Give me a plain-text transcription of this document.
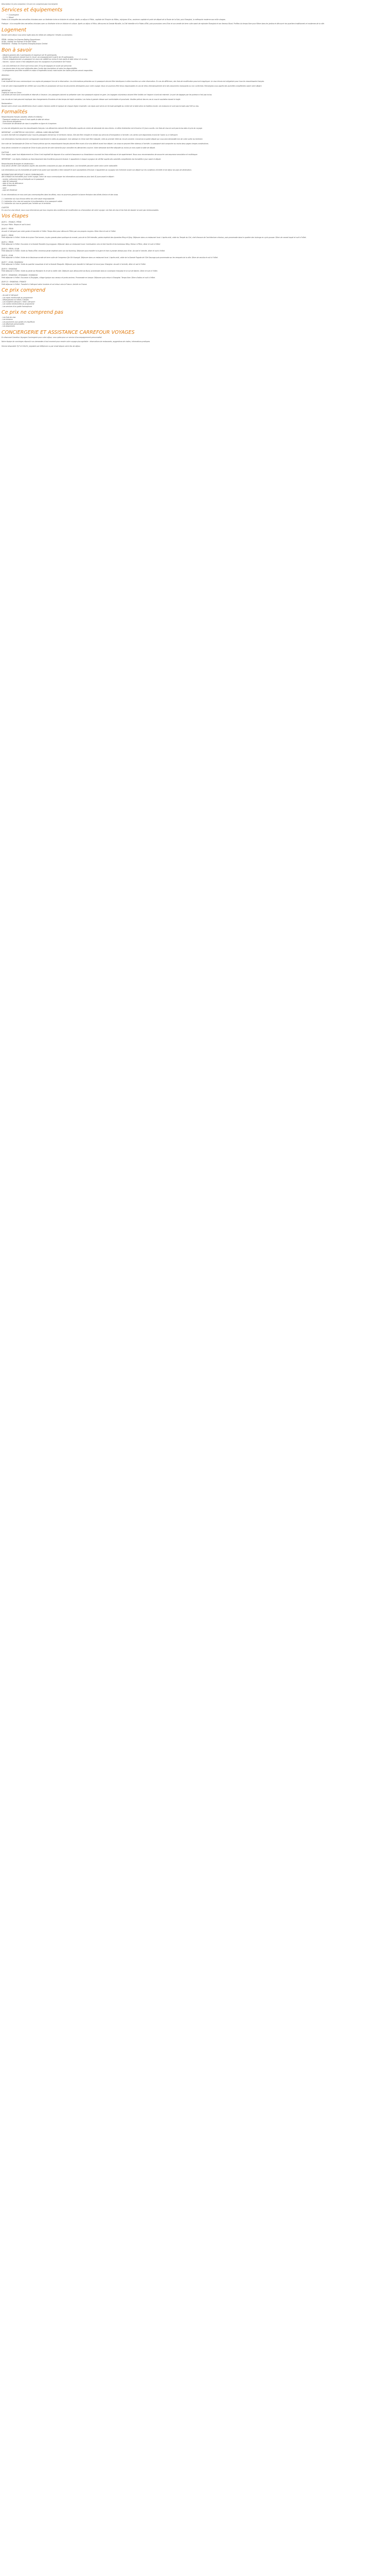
Description Ce prix comprend / Ce prix ne comprend pas Conciergerie

Services et équipements

•  Conciergerie

•  Réveil

Partez à la conquête des merveilles chinoises avec un itinéraire riche en histoire et culture. Après un séjour à Pékin, capitale de l'Empire du Milieu, rejoignez Xi'an, ancienne capitale et point de départ de la Route de la Soie, puis Shanghai, la métropole moderne aux mille visages.

Pratique : à la conquête des merveilles chinoises avec un itinéraire riche en histoire et culture. Après un séjour à Pékin, découvrez la Grande Muraille, la Cité Interdite et le Palais d'Été, puis poursuivez vers Xi'an et son armée de terre cuite avant de rejoindre Shanghai et son fameux Bund. Profitez du temps libre pour flâner dans les jardins et découvrir les quartiers traditionnels et modernes de la ville.

Logement

Durant votre séjour vous serez logés dans les hôtels de catégorie 3 étoiles ou similaires :

PÉKIN : Holiday Inn Express Beijing Dongzhimen
XI'AN : Holiday Inn Express Xi'an Bell Tower
SHANGHAI : Holiday Inn Express Shanghai Jinqiao Central

Bon à savoir

- Départs garantis dès 2 participants et maximum de 30 participants.
- Guides francophones durant tout le circuit, accompagnement à partir de 20 participants.
- Prévoir obligatoirement un passeport en cours de validité au moins 6 mois après la date retour et un visa.
- Vaccins : aucun vaccin n'est obligatoire pour les voyageurs en provenance de France.

- Les vols intérieurs en Chine sont inclus avec 20 kg de bagages en soute par personne.
- Les places dans le bus sont attribuées dans l'ordre des inscriptions et selon les disponibilités.
- Le programme peut être modifié en raison d'impératifs locaux mais toutes les visites prévues seront respectées.

Attention :

IMPORTANT :
Il est impératif de nous communiquer vos copies de passeport lors de la réservation. Les informations présentes sur le passeport doivent être identiques à celles inscrites sur votre réservation. En cas de différence, des frais de modification pourront s'appliquer. Le visa chinois est obligatoire pour tous les ressortissants français.

Il est de votre responsabilité de vérifier que vous êtes en possession de tous les documents nécessaires pour votre voyage. Nous ne pourrons être tenus responsables en cas de refus d'embarquement dû à des documents manquants ou non conformes. Renseignez-vous auprès des autorités compétentes avant votre départ.

IMPORTANT :
Trajets en train en Chine :
Les billets de train sont nominatifs et réservés à l'avance. Les passagers doivent se présenter avec leur passeport original en gare. Les bagages volumineux doivent être limités car l'espace à bord est restreint. Le port de bagages par les porteurs n'est pas inclus.

Les circuits en train peuvent impliquer des changements d'horaires et des temps de trajet variables. Les trains à grande vitesse sont confortables et ponctuels. Veuillez prévoir des en-cas si vous le souhaitez durant le trajet.

Restauration :
Durant votre circuit vous bénéficierez d'une cuisine chinoise variée et typique de chaque région traversée. Les repas sont servis en formule partagée au centre de la table selon la tradition locale. Les boissons ne sont pas incluses sauf thé ou eau.

Formalités

Ressortissants français (adultes, bébés et enfants) :
- Passeport valable au moins 6 mois après la date de retour.
- Visa chinois obligatoire.
- Formulaire de demande de visa à compléter en ligne et à imprimer.

Le visa est obligatoire pour les ressortissants français. Les démarches doivent être effectuées auprès du centre de demande de visa chinois. Le délai d'obtention est d'environ 10 jours ouvrés. Les frais de visa ne sont pas inclus dans le prix du voyage.

IMPORTANT : A COMPTER DU 16/12/2015 : ARRIVAL CARD OBLIGATOIRE
La carte d'arrivée est obligatoire pour tous les passagers entrant sur le territoire chinois. Elle doit être remplie et remise aux services d'immigration à l'arrivée. Les cartes sont disponibles à bord de l'avion ou à l'aéroport.

Les informations fournies doivent correspondre exactement à celles du passeport. Une adresse en Chine doit être indiquée, celle du premier hôtel du circuit convient. Conservez la partie départ qui vous sera demandée lors de votre sortie du territoire.

Une note de l'ambassade de Chine en France précise que les ressortissants français doivent être munis d'un visa délivré avant leur départ. Les visas ne peuvent être obtenus à l'arrivée. Le passeport doit comporter au moins deux pages vierges consécutives.

Vous devez contacter le consulat de Chine le plus proche de votre domicile pour connaître les démarches à suivre. Votre demande doit être déposée au moins un mois avant la date de départ.

FACTEUR
Pour rappel, avant tout déplacement en Chine il est impératif de disposer d'un contrat d'assurance ou d'assistance couvrant les frais médicaux et de rapatriement. Nous vous recommandons de souscrire une assurance annulation et multirisque.

IMPORTANT : Les règles relatives au franchissement des frontières peuvent évoluer. Il appartient à chaque voyageur de vérifier auprès des autorités compétentes les formalités à jour avant le départ.

Ressortissants étrangers et binationaux :
Vous devez vérifier votre situation auprès des autorités consulaires du pays de destination. Les formalités peuvent varier selon votre nationalité.

Les informations sur les formalités de santé et de police sont données à titre indicatif et sont susceptibles d'évoluer. Il appartient au voyageur de s'informer avant son départ sur les conditions d'entrée et de séjour du pays de destination.

INFORMATIONS IMPORTANT À NOUS COMMUNIQUER :
Afin d'établir les formalités pour votre voyage, merci de nous communiquer les informations suivantes au plus tard 45 jours avant le départ :
- nom(s), prénom(s) tels qu'indiqués sur le passeport
- date de naissance
- date et lieu de délivrance
- date d'expiration
- sexe
- pays de résidence

Si ces informations ne nous sont pas communiquées dans les délais, nous ne pourrons garantir la bonne émission des billets d'avion et des visas.

1. L'obtention du visa chinois relève de votre seule responsabilité.
2. L'obtention d'un visa est soumise à la présentation d'un passeport valide.
3. L'obtention du visa ne garantit pas l'entrée sur le territoire.

À NOTER
En cas d'un visa refusé, nous vous informerons par tous moyens des conditions de modification ou d'annulation de votre voyage. Les frais de visa et les frais de dossier ne sont pas remboursables.

Vos étapes

JOUR 1 : FRANCE / PÉKIN

Vol pour Pékin. Repas et nuit à bord.

JOUR 2 : PÉKIN

Accueil à l'aéroport par votre guide et transfert à l'hôtel. Temps libre pour découvrir Pékin par vos propres moyens. Dîner libre et nuit à l'hôtel.

JOUR 3 : PÉKIN

Petit déjeuner à l'hôtel. Visite de la place Tian'anmen, la plus grande place publique du monde, puis de la Cité Interdite, palais impérial des dynasties Ming et Qing. Déjeuner dans un restaurant local. L'après-midi, visite du Temple du Ciel, chef-d'œuvre de l'architecture chinoise, puis promenade dans le quartier des hutongs en cyclo-pousse. Dîner de canard laqué et nuit à l'hôtel.

JOUR 4 : PÉKIN

Petit déjeuner à l'hôtel. Excursion à la Grande Muraille à Juyongguan. Déjeuner dans un restaurant local. Continuation vers la Voie Sacrée et les tombeaux Ming. Retour à Pékin, dîner et nuit à l'hôtel.

JOUR 5 : PÉKIN / XI'AN

Petit déjeuner à l'hôtel. Visite du Palais d'Été, immense jardin impérial avec son lac Kunming. Déjeuner puis transfert à la gare et train à grande vitesse pour Xi'an. Accueil à l'arrivée, dîner et nuit à l'hôtel.

JOUR 6 : XI'AN

Petit déjeuner à l'hôtel. Visite de la fabuleuse armée de terre cuite de l'empereur Qin Shi Huangdi. Déjeuner dans un restaurant local. L'après-midi, visite de la Grande Pagode de l'Oie Sauvage puis promenade sur les remparts de la ville. Dîner de raviolis et nuit à l'hôtel.

JOUR 7 : XI'AN / SHANGHAI

Petit déjeuner à l'hôtel. Visite du quartier musulman et de la Grande Mosquée. Déjeuner puis transfert à l'aéroport et envol pour Shanghai. Accueil à l'arrivée, dîner et nuit à l'hôtel.

JOUR 8 : SHANGHAI

Petit déjeuner à l'hôtel. Visite du jardin du Mandarin Yu et de la vieille ville. Déjeuner puis découverte du Bund, promenade dans la concession française et la rue de Nankin. Dîner et nuit à l'hôtel.

JOUR 9 : SHANGHAI / ZHUJIAJIAO / SHANGHAI

Petit déjeuner à l'hôtel. Excursion à Zhujiajiao, village typique aux canaux et ponts anciens. Promenade en barque. Déjeuner puis retour à Shanghai. Temps libre. Dîner d'adieu et nuit à l'hôtel.

JOUR 10 : SHANGHAI / FRANCE

Petit déjeuner à l'hôtel. Transfert à l'aéroport selon horaires et vol retour vers la France. Arrivée en France.

Ce prix comprend

- Accueil à l'aéroport

- Les repas mentionnés au programme

- Hébergement en hôtels 3 étoiles

- Les transferts aéroport / hôtel / aéroport

- Les visites mentionnées au programme

- Les services d'un guide francophone

Ce prix ne comprend pas

- Les frais de visa

- Les boissons

- Les pourboires aux guides et chauffeurs

- Les dépenses personnelles

- Les assurances

CONCIERGERIE ET ASSISTANCE CARREFOUR VOYAGES

En réservant Carrefour Voyages Conciergerie pour votre séjour, vous optez pour un service d'accompagnement personnalisé.

Notre équipe de concierges répond à vos demandes à tout moment pour rendre votre voyage plus agréable : réservations de restaurants, suggestions de visites, informations pratiques.

Service disponible 7j/7 et 24h/24, joignable par téléphone ou par email depuis votre lieu de séjour.
